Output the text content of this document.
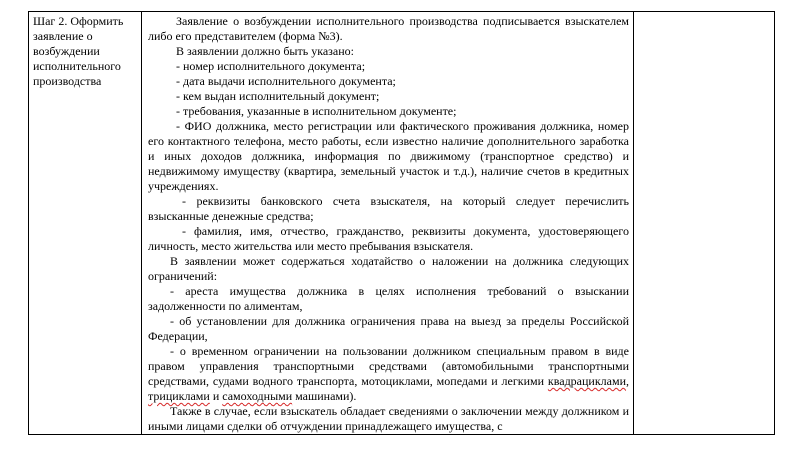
Шаг 2. Оформить заявление о возбуждении исполнительного производства	

Заявление о возбуждении исполнительного производства подписывается взыскателем либо его представителем (форма №3).

В заявлении должно быть указано:

- номер исполнительного документа;

- дата выдачи исполнительного документа;

- кем выдан исполнительный документ;

- требования, указанные в исполнительном документе;

- ФИО должника, место регистрации или фактического проживания должника, номер его контактного телефона, место работы, если известно наличие дополнительного заработка и иных доходов должника, информация по движимому (транспортное средство) и недвижимому имуществу (квартира, земельный участок и т.д.), наличие счетов в кредитных учреждениях.

- реквизиты банковского счета взыскателя, на который следует перечислить взысканные денежные средства;

- фамилия, имя, отчество, гражданство, реквизиты документа, удостоверяющего личность, место жительства или место пребывания взыскателя.

В заявлении может содержаться ходатайство о наложении на должника следующих ограничений:

- ареста имущества должника в целях исполнения требований о взыскании задолженности по алиментам,

- об установлении для должника ограничения права на выезд за пределы Российской Федерации,

- о временном ограничении на пользовании должником специальным правом в виде правом управления транспортными средствами (автомобильными транспортными средствами, судами водного транспорта, мотоциклами, мопедами и легкими квадрациклами, трициклами и самоходными машинами).

Также в случае, если взыскатель обладает сведениями о заключении между должником и иными лицами сделки об отчуждении принадлежащего имущества, с
